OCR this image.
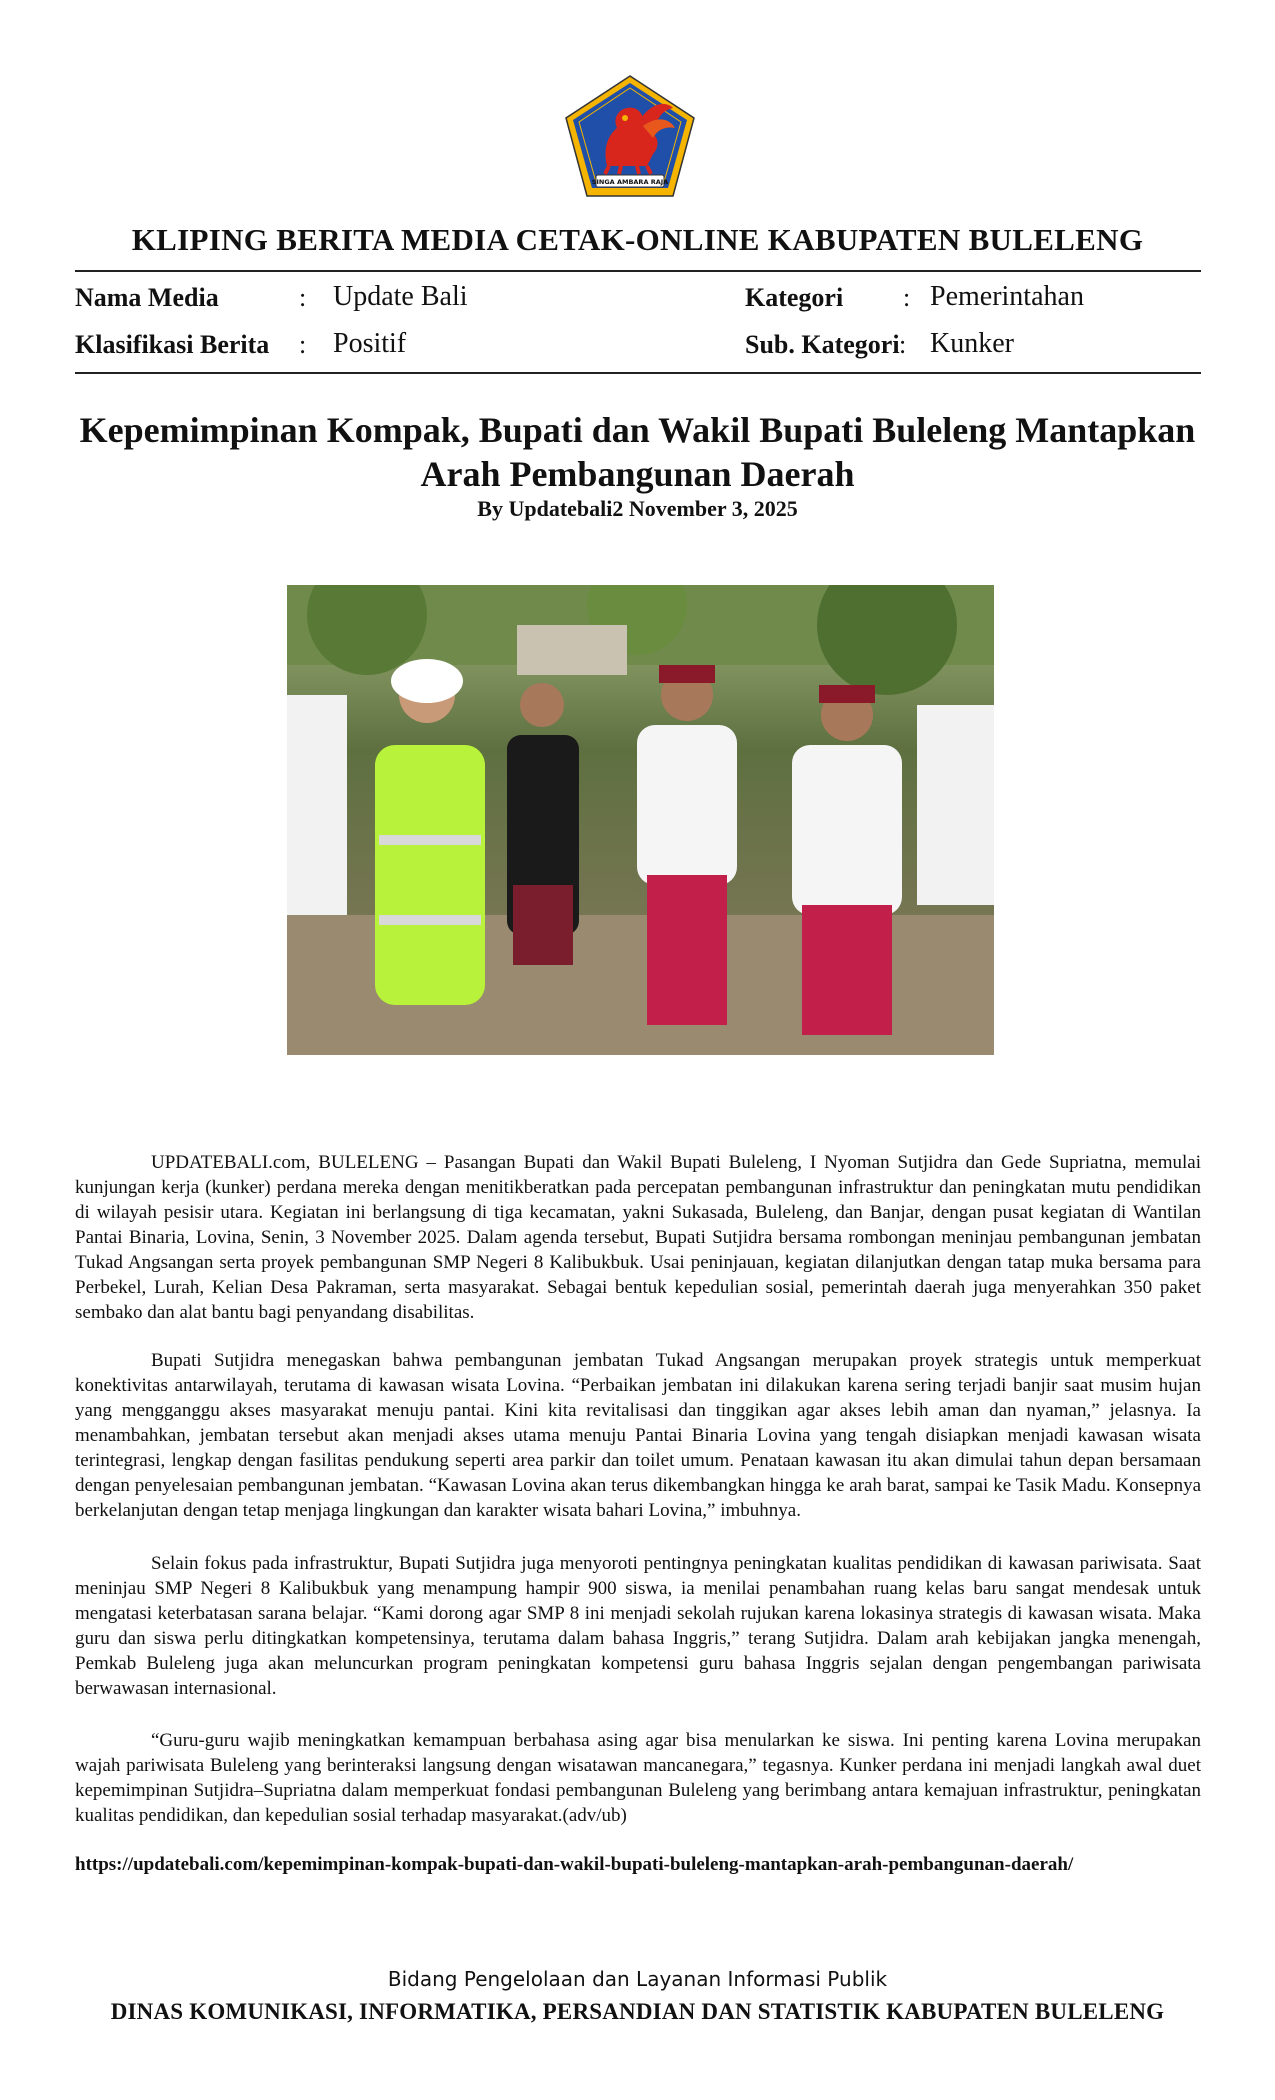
SINGA AMBARA RAJA
KLIPING BERITA MEDIA CETAK-ONLINE KABUPATEN BULELENG
Nama Media	: Update Bali
Klasifikasi Berita : Positif
Kategori : Pemerintahan
Sub. Kategori : Kunker
Kepemimpinan Kompak, Bupati dan Wakil Bupati Buleleng Mantapkan
Arah Pembangunan Daerah
By Updatebali2 November 3, 2025

UPDATEBALI.com, BULELENG – Pasangan Bupati dan Wakil Bupati Buleleng, I Nyoman Sutjidra dan Gede Supriatna, memulai kunjungan kerja (kunker) perdana mereka dengan menitikberatkan pada percepatan pembangunan infrastruktur dan peningkatan mutu pendidikan di wilayah pesisir utara. Kegiatan ini berlangsung di tiga kecamatan, yakni Sukasada, Buleleng, dan Banjar, dengan pusat kegiatan di Wantilan Pantai Binaria, Lovina, Senin, 3 November 2025. Dalam agenda tersebut, Bupati Sutjidra bersama rombongan meninjau pembangunan jembatan Tukad Angsangan serta proyek pembangunan SMP Negeri 8 Kalibukbuk. Usai peninjauan, kegiatan dilanjutkan dengan tatap muka bersama para Perbekel, Lurah, Kelian Desa Pakraman, serta masyarakat. Sebagai bentuk kepedulian sosial, pemerintah daerah juga menyerahkan 350 paket sembako dan alat bantu bagi penyandang disabilitas.

Bupati Sutjidra menegaskan bahwa pembangunan jembatan Tukad Angsangan merupakan proyek strategis untuk memperkuat konektivitas antarwilayah, terutama di kawasan wisata Lovina. “Perbaikan jembatan ini dilakukan karena sering terjadi banjir saat musim hujan yang mengganggu akses masyarakat menuju pantai. Kini kita revitalisasi dan tinggikan agar akses lebih aman dan nyaman,” jelasnya. Ia menambahkan, jembatan tersebut akan menjadi akses utama menuju Pantai Binaria Lovina yang tengah disiapkan menjadi kawasan wisata terintegrasi, lengkap dengan fasilitas pendukung seperti area parkir dan toilet umum. Penataan kawasan itu akan dimulai tahun depan bersamaan dengan penyelesaian pembangunan jembatan. “Kawasan Lovina akan terus dikembangkan hingga ke arah barat, sampai ke Tasik Madu. Konsepnya berkelanjutan dengan tetap menjaga lingkungan dan karakter wisata bahari Lovina,” imbuhnya.

Selain fokus pada infrastruktur, Bupati Sutjidra juga menyoroti pentingnya peningkatan kualitas pendidikan di kawasan pariwisata. Saat meninjau SMP Negeri 8 Kalibukbuk yang menampung hampir 900 siswa, ia menilai penambahan ruang kelas baru sangat mendesak untuk mengatasi keterbatasan sarana belajar. “Kami dorong agar SMP 8 ini menjadi sekolah rujukan karena lokasinya strategis di kawasan wisata. Maka guru dan siswa perlu ditingkatkan kompetensinya, terutama dalam bahasa Inggris,” terang Sutjidra. Dalam arah kebijakan jangka menengah, Pemkab Buleleng juga akan meluncurkan program peningkatan kompetensi guru bahasa Inggris sejalan dengan pengembangan pariwisata berwawasan internasional.

“Guru-guru wajib meningkatkan kemampuan berbahasa asing agar bisa menularkan ke siswa. Ini penting karena Lovina merupakan wajah pariwisata Buleleng yang berinteraksi langsung dengan wisatawan mancanegara,” tegasnya. Kunker perdana ini menjadi langkah awal duet kepemimpinan Sutjidra–Supriatna dalam memperkuat fondasi pembangunan Buleleng yang berimbang antara kemajuan infrastruktur, peningkatan kualitas pendidikan, dan kepedulian sosial terhadap masyarakat.(adv/ub)

https://updatebali.com/kepemimpinan-kompak-bupati-dan-wakil-bupati-buleleng-mantapkan-arah-pembangunan-daerah/
Bidang Pengelolaan dan Layanan Informasi Publik
DINAS KOMUNIKASI, INFORMATIKA, PERSANDIAN DAN STATISTIK KABUPATEN BULELENG
